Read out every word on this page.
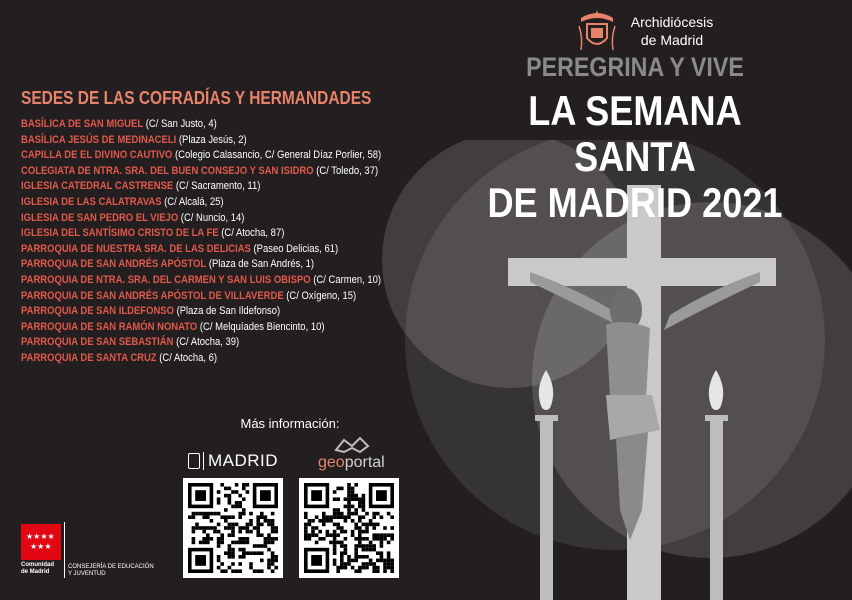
Archidiócesis
de Madrid
PEREGRINA Y VIVE
LA SEMANA SANTA
DE MADRID 2021
SEDES DE LAS COFRADÍAS Y HERMANDADES
BASÍLICA DE SAN MIGUEL (C/ San Justo, 4)
BASÍLICA JESÚS DE MEDINACELI (Plaza Jesús, 2)
CAPILLA DE EL DIVINO CAUTIVO (Colegio Calasancio, C/ General Díaz Porlier, 58)
COLEGIATA DE NTRA. SRA. DEL BUEN CONSEJO Y SAN ISIDRO (C/ Toledo, 37)
IGLESIA CATEDRAL CASTRENSE (C/ Sacramento, 11)
IGLESIA DE LAS CALATRAVAS (C/ Alcalá, 25)
IGLESIA DE SAN PEDRO EL VIEJO (C/ Nuncio, 14)
IGLESIA DEL SANTÍSIMO CRISTO DE LA FE (C/ Atocha, 87)
PARROQUIA DE NUESTRA SRA. DE LAS DELICIAS (Paseo Delicias, 61)
PARROQUIA DE SAN ANDRÉS APÓSTOL (Plaza de San Andrés, 1)
PARROQUIA DE NTRA. SRA. DEL CARMEN Y SAN LUIS OBISPO (C/ Carmen, 10)
PARROQUIA DE SAN ANDRÉS APÓSTOL DE VILLAVERDE (C/ Oxígeno, 15)
PARROQUIA DE SAN ILDEFONSO (Plaza de San Ildefonso)
PARROQUIA DE SAN RAMÓN NONATO (C/ Melquíades Biencinto, 10)
PARROQUIA DE SAN SEBASTIÁN (C/ Atocha, 39)
PARROQUIA DE SANTA CRUZ (C/ Atocha, 6)
Más información:
MADRID geoportal
★★★★
★★★
Comunidad
de Madrid
CONSEJERÍA DE EDUCACIÓN
Y JUVENTUD
